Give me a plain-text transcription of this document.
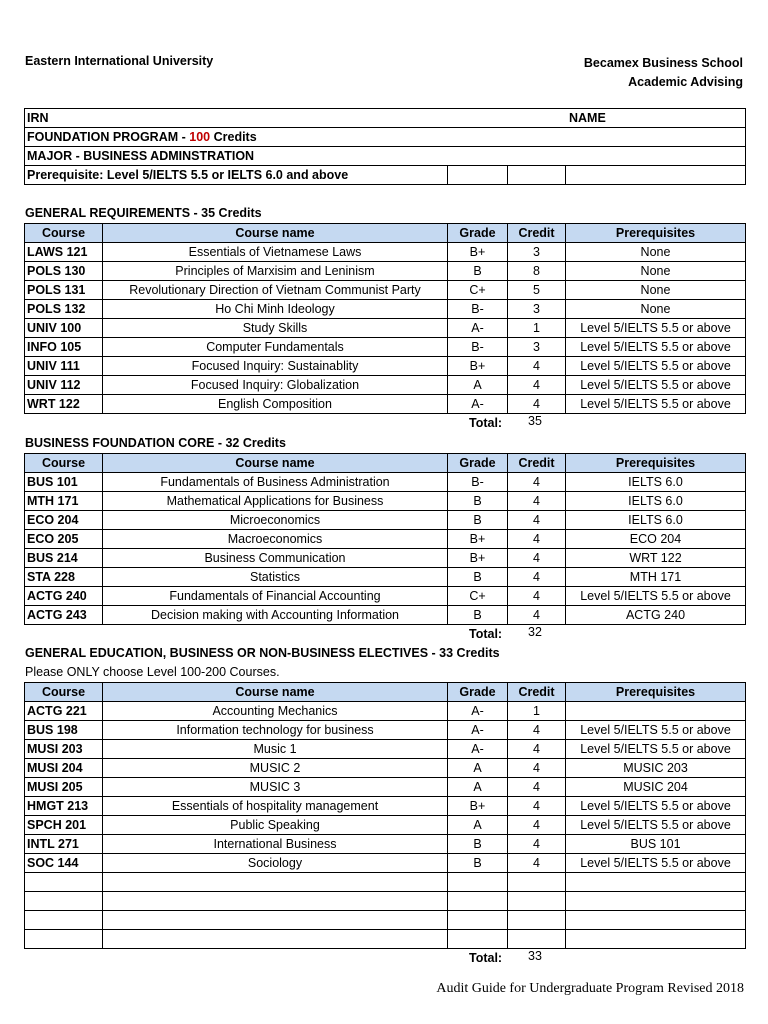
Eastern International University	Becamex Business School
Academic Advising
IRN	NAME

FOUNDATION PROGRAM - 100 Credits
MAJOR - BUSINESS ADMINSTRATION
Prerequisite: Level 5/IELTS 5.5 or IELTS 6.0 and above			
GENERAL REQUIREMENTS - 35 Credits
Course	Course name	Grade	Credit	Prerequisites
LAWS 121	Essentials of Vietnamese Laws	B+	3	None
POLS 130	Principles of Marxisim and Leninism	B	8	None
POLS 131	Revolutionary Direction of Vietnam Communist Party	C+	5	None
POLS 132	Ho Chi Minh Ideology	B-	3	None
UNIV 100	Study Skills	A-	1	Level 5/IELTS 5.5 or above
INFO 105	Computer Fundamentals	B-	3	Level 5/IELTS 5.5 or above
UNIV 111	Focused Inquiry: Sustainablity	B+	4	Level 5/IELTS 5.5 or above
UNIV 112	Focused Inquiry: Globalization	A	4	Level 5/IELTS 5.5 or above
WRT 122	English Composition	A-	4	Level 5/IELTS 5.5 or above
Total: 35
BUSINESS FOUNDATION CORE - 32 Credits
Course	Course name	Grade	Credit	Prerequisites
BUS 101	Fundamentals of Business Administration	B-	4	IELTS 6.0
MTH 171	Mathematical Applications for Business	B	4	IELTS 6.0
ECO 204	Microeconomics	B	4	IELTS 6.0
ECO 205	Macroeconomics	B+	4	ECO 204
BUS 214	Business Communication	B+	4	WRT 122
STA 228	Statistics	B	4	MTH 171
ACTG 240	Fundamentals of Financial Accounting	C+	4	Level 5/IELTS 5.5 or above
ACTG 243	Decision making with Accounting Information	B	4	ACTG 240
Total: 32
GENERAL EDUCATION, BUSINESS OR NON-BUSINESS ELECTIVES - 33 Credits
Please ONLY choose Level 100-200 Courses.
Course	Course name	Grade	Credit	Prerequisites
ACTG 221	Accounting Mechanics	A-	1	
BUS 198	Information technology for business	A-	4	Level 5/IELTS 5.5 or above
MUSI 203	Music 1	A-	4	Level 5/IELTS 5.5 or above
MUSI 204	MUSIC 2	A	4	MUSIC 203
MUSI 205	MUSIC 3	A	4	MUSIC 204
HMGT 213	Essentials of hospitality management	B+	4	Level 5/IELTS 5.5 or above
SPCH 201	Public Speaking	A	4	Level 5/IELTS 5.5 or above
INTL 271	International Business	B	4	BUS 101
SOC 144	Sociology	B	4	Level 5/IELTS 5.5 or above

Total: 33
Audit Guide for Undergraduate Program Revised 2018
